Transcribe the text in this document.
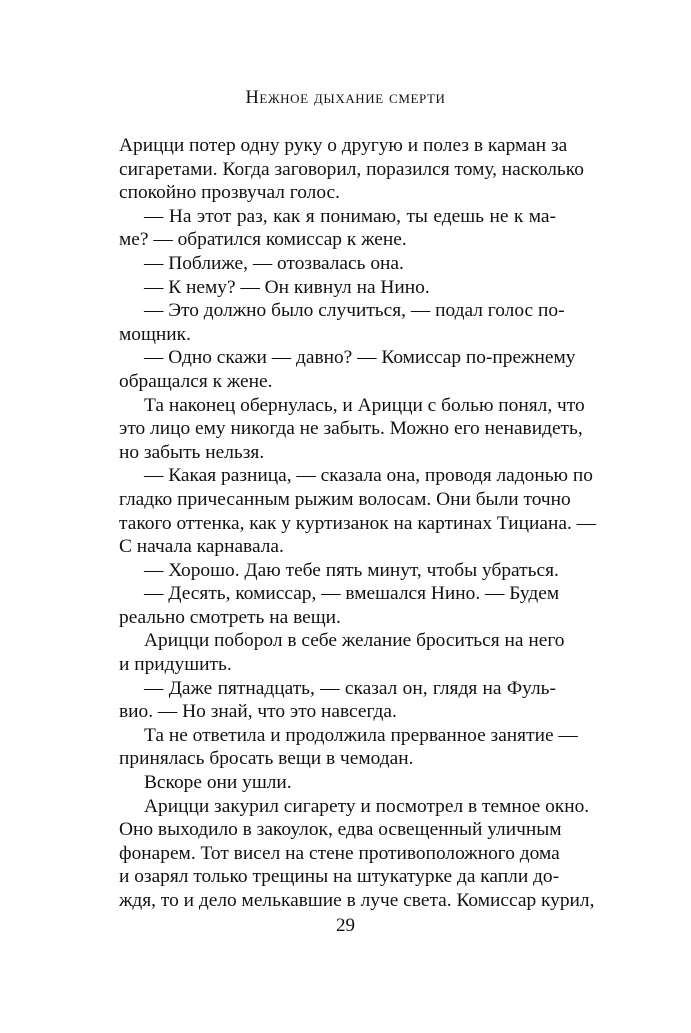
Нежное дыхание смерти
Арицци потер одну руку о другую и полез в карман за
сигаретами. Когда заговорил, поразился тому, насколько
спокойно прозвучал голос.
— На этот раз, как я понимаю, ты едешь не к ма-
ме? — обратился комиссар к жене.
— Поближе, — отозвалась она.
— К нему? — Он кивнул на Нино.
— Это должно было случиться, — подал голос по-
мощник.
— Одно скажи — давно? — Комиссар по-прежнему
обращался к жене.
Та наконец обернулась, и Арицци с болью понял, что
это лицо ему никогда не забыть. Можно его ненавидеть,
но забыть нельзя.
— Какая разница, — сказала она, проводя ладонью по
гладко причесанным рыжим волосам. Они были точно
такого оттенка, как у куртизанок на картинах Тициана. —
С начала карнавала.
— Хорошо. Даю тебе пять минут, чтобы убраться.
— Десять, комиссар, — вмешался Нино. — Будем
реально смотреть на вещи.
Арицци поборол в себе желание броситься на него
и придушить.
— Даже пятнадцать, — сказал он, глядя на Фуль-
вио. — Но знай, что это навсегда.
Та не ответила и продолжила прерванное занятие —
принялась бросать вещи в чемодан.
Вскоре они ушли.
Арицци закурил сигарету и посмотрел в темное окно.
Оно выходило в закоулок, едва освещенный уличным
фонарем. Тот висел на стене противоположного дома
и озарял только трещины на штукатурке да капли до-
ждя, то и дело мелькавшие в луче света. Комиссар курил,
29
